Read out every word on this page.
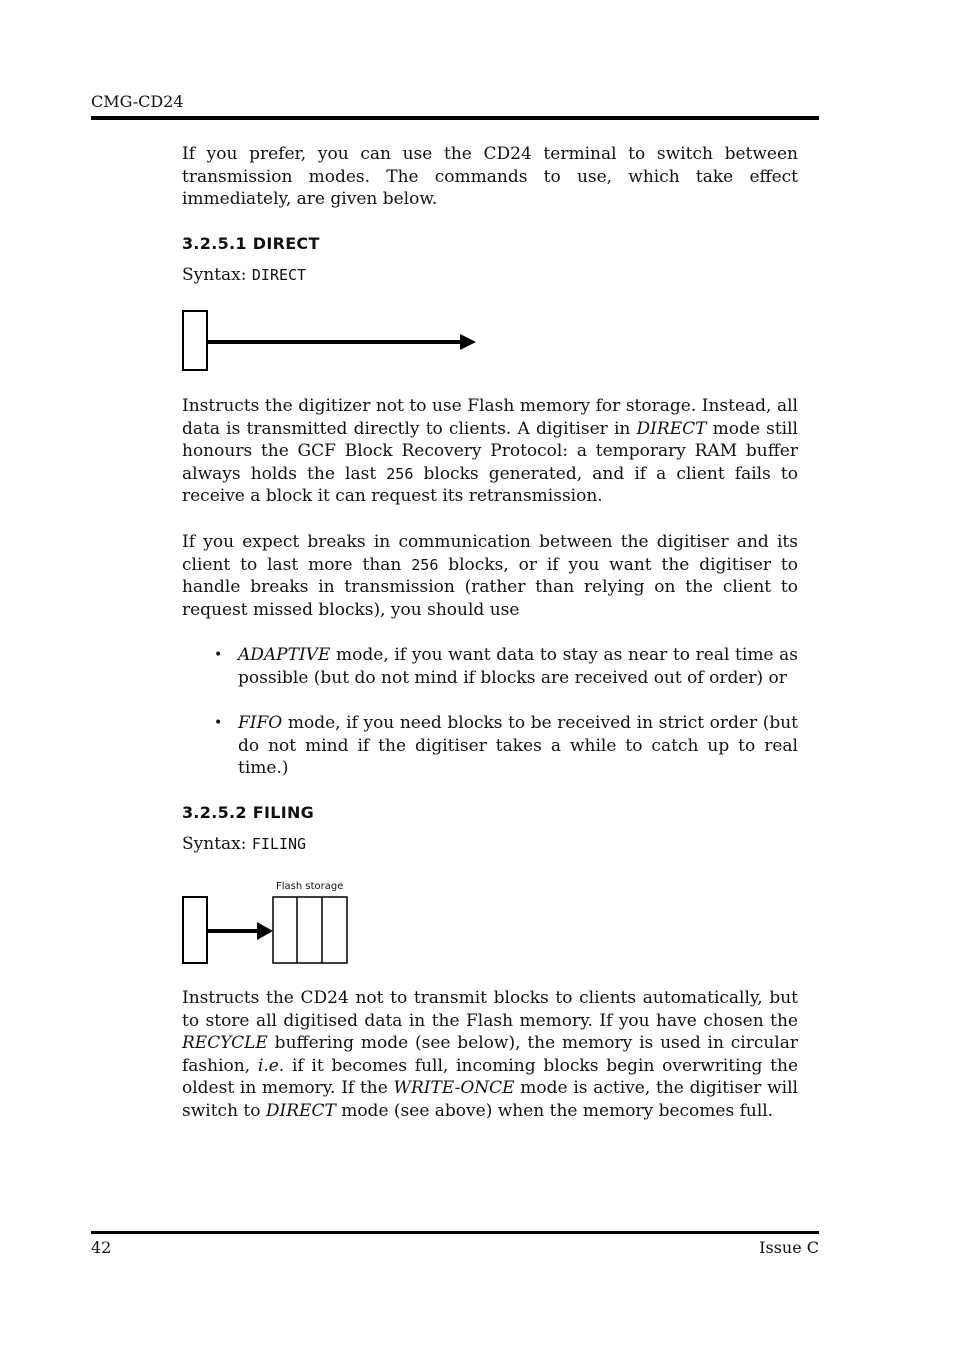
CMG-CD24

If you prefer, you can use the CD24 terminal to switch between transmission modes. The commands to use, which take effect immediately, are given below.

3.2.5.1 DIRECT
Syntax: DIRECT

Instructs the digitizer not to use Flash memory for storage. Instead, all data is transmitted directly to clients. A digitiser in DIRECT mode still honours the GCF Block Recovery Protocol: a temporary RAM buffer always holds the last 256 blocks generated, and if a client fails to receive a block it can request its retransmission.

If you expect breaks in communication between the digitiser and its client to last more than 256 blocks, or if you want the digitiser to handle breaks in transmission (rather than relying on the client to request missed blocks), you should use

• ADAPTIVE mode, if you want data to stay as near to real time as possible (but do not mind if blocks are received out of order) or

• FIFO mode, if you need blocks to be received in strict order (but do not mind if the digitiser takes a while to catch up to real time.)

3.2.5.2 FILING
Syntax: FILING
Flash storage

Instructs the CD24 not to transmit blocks to clients automatically, but to store all digitised data in the Flash memory. If you have chosen the RECYCLE buffering mode (see below), the memory is used in circular fashion, i.e. if it becomes full, incoming blocks begin overwriting the oldest in memory. If the WRITE-ONCE mode is active, the digitiser will switch to DIRECT mode (see above) when the memory becomes full.

42	Issue C
